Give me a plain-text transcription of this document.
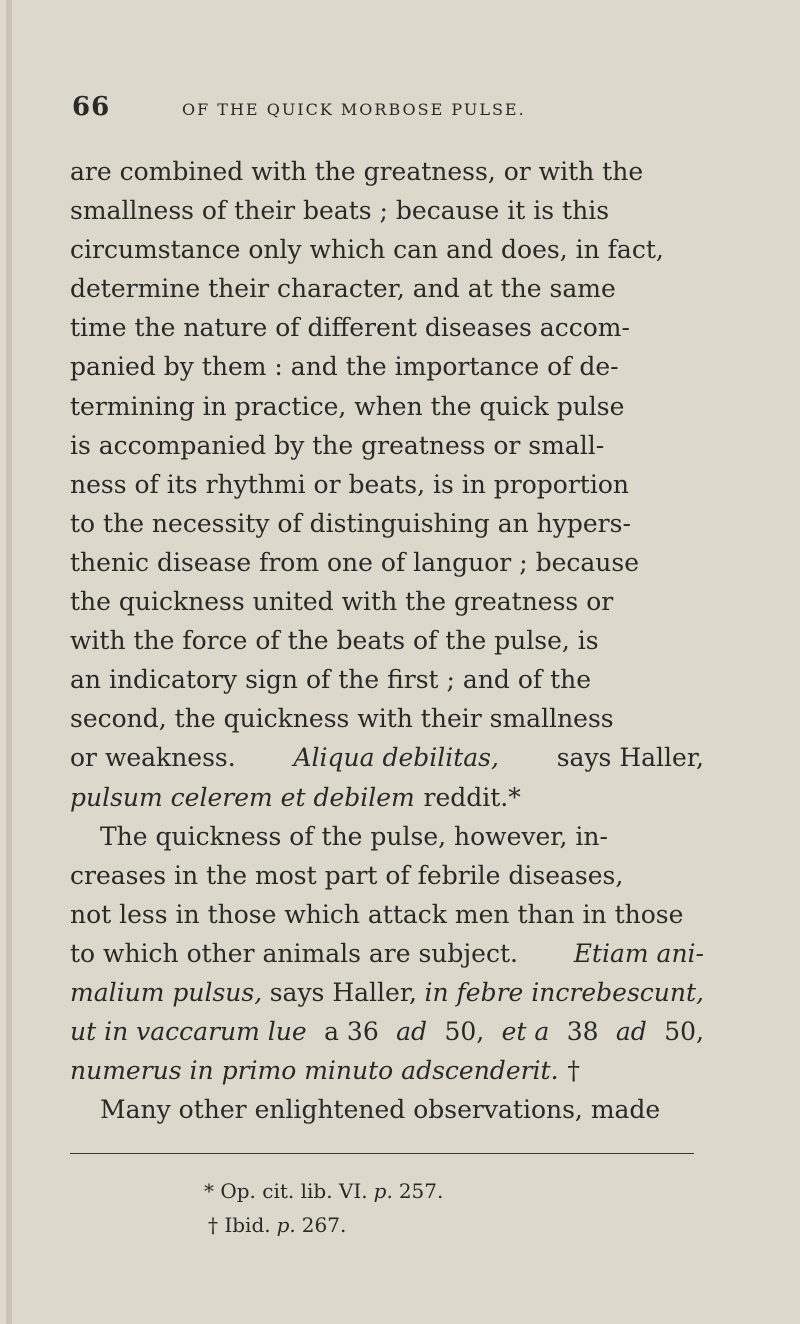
66	OF THE QUICK MORBOSE PULSE.
are combined with the greatness, or with the
smallness of their beats ; because it is this
circumstance only which can and does, in fact,
determine their character, and at the same
time the nature of different diseases accom-
panied by them : and the importance of de-
termining in practice, when the quick pulse
is accompanied by the greatness or small-
ness of its rhythmi or beats, is in proportion
to the necessity of distinguishing an hypers-
thenic disease from one of languor ; because
the quickness united with the greatness or
with the force of the beats of the pulse, is
an indicatory sign of the first ; and of the
second, the quickness with their smallness
or weakness. Aliqua debilitas, says Haller,
pulsum celerem et debilem reddit.*
The quickness of the pulse, however, in-
creases in the most part of febrile diseases,
not less in those which attack men than in those
to which other animals are subject. Etiam ani-
malium pulsus, says Haller, in febre increbescunt,
ut in vaccarum lue a 36 ad 50, et a 38 ad 50,
numerus in primo minuto adscenderit. †
Many other enlightened observations, made
* Op. cit. lib. VI. p. 257.
† Ibid. p. 267.
